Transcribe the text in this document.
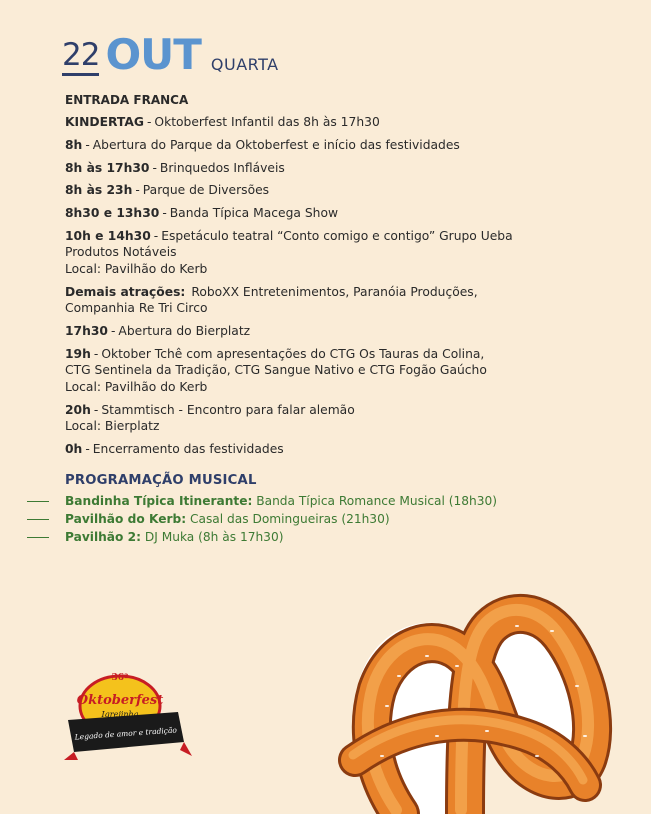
22 OUT QUARTA
ENTRADA FRANCA
KINDERTAG - Oktoberfest Infantil das 8h às 17h30
8h - Abertura do Parque da Oktoberfest e início das festividades
8h às 17h30 - Brinquedos Infláveis
8h às 23h - Parque de Diversões
8h30 e 13h30 - Banda Típica Macega Show
10h e 14h30 - Espetáculo teatral “Conto comigo e contigo” Grupo Ueba
Produtos Notáveis
Local: Pavilhão do Kerb
Demais atrações: RoboXX Entretenimentos, Paranóia Produções,
Companhia Re Tri Circo
17h30 - Abertura do Bierplatz
19h - Oktober Tchê com apresentações do CTG Os Tauras da Colina,
CTG Sentinela da Tradição, CTG Sangue Nativo e CTG Fogão Gaúcho
Local: Pavilhão do Kerb
20h - Stammtisch - Encontro para falar alemão
Local: Bierplatz
0h - Encerramento das festividades
PROGRAMAÇÃO MUSICAL
Bandinha Típica Itinerante: Banda Típica Romance Musical (18h30)
Pavilhão do Kerb: Casal das Domingueiras (21h30)
Pavilhão 2: DJ Muka (8h às 17h30)
36ª
Oktoberfest
Igrejinha
Legado de amor e tradição
